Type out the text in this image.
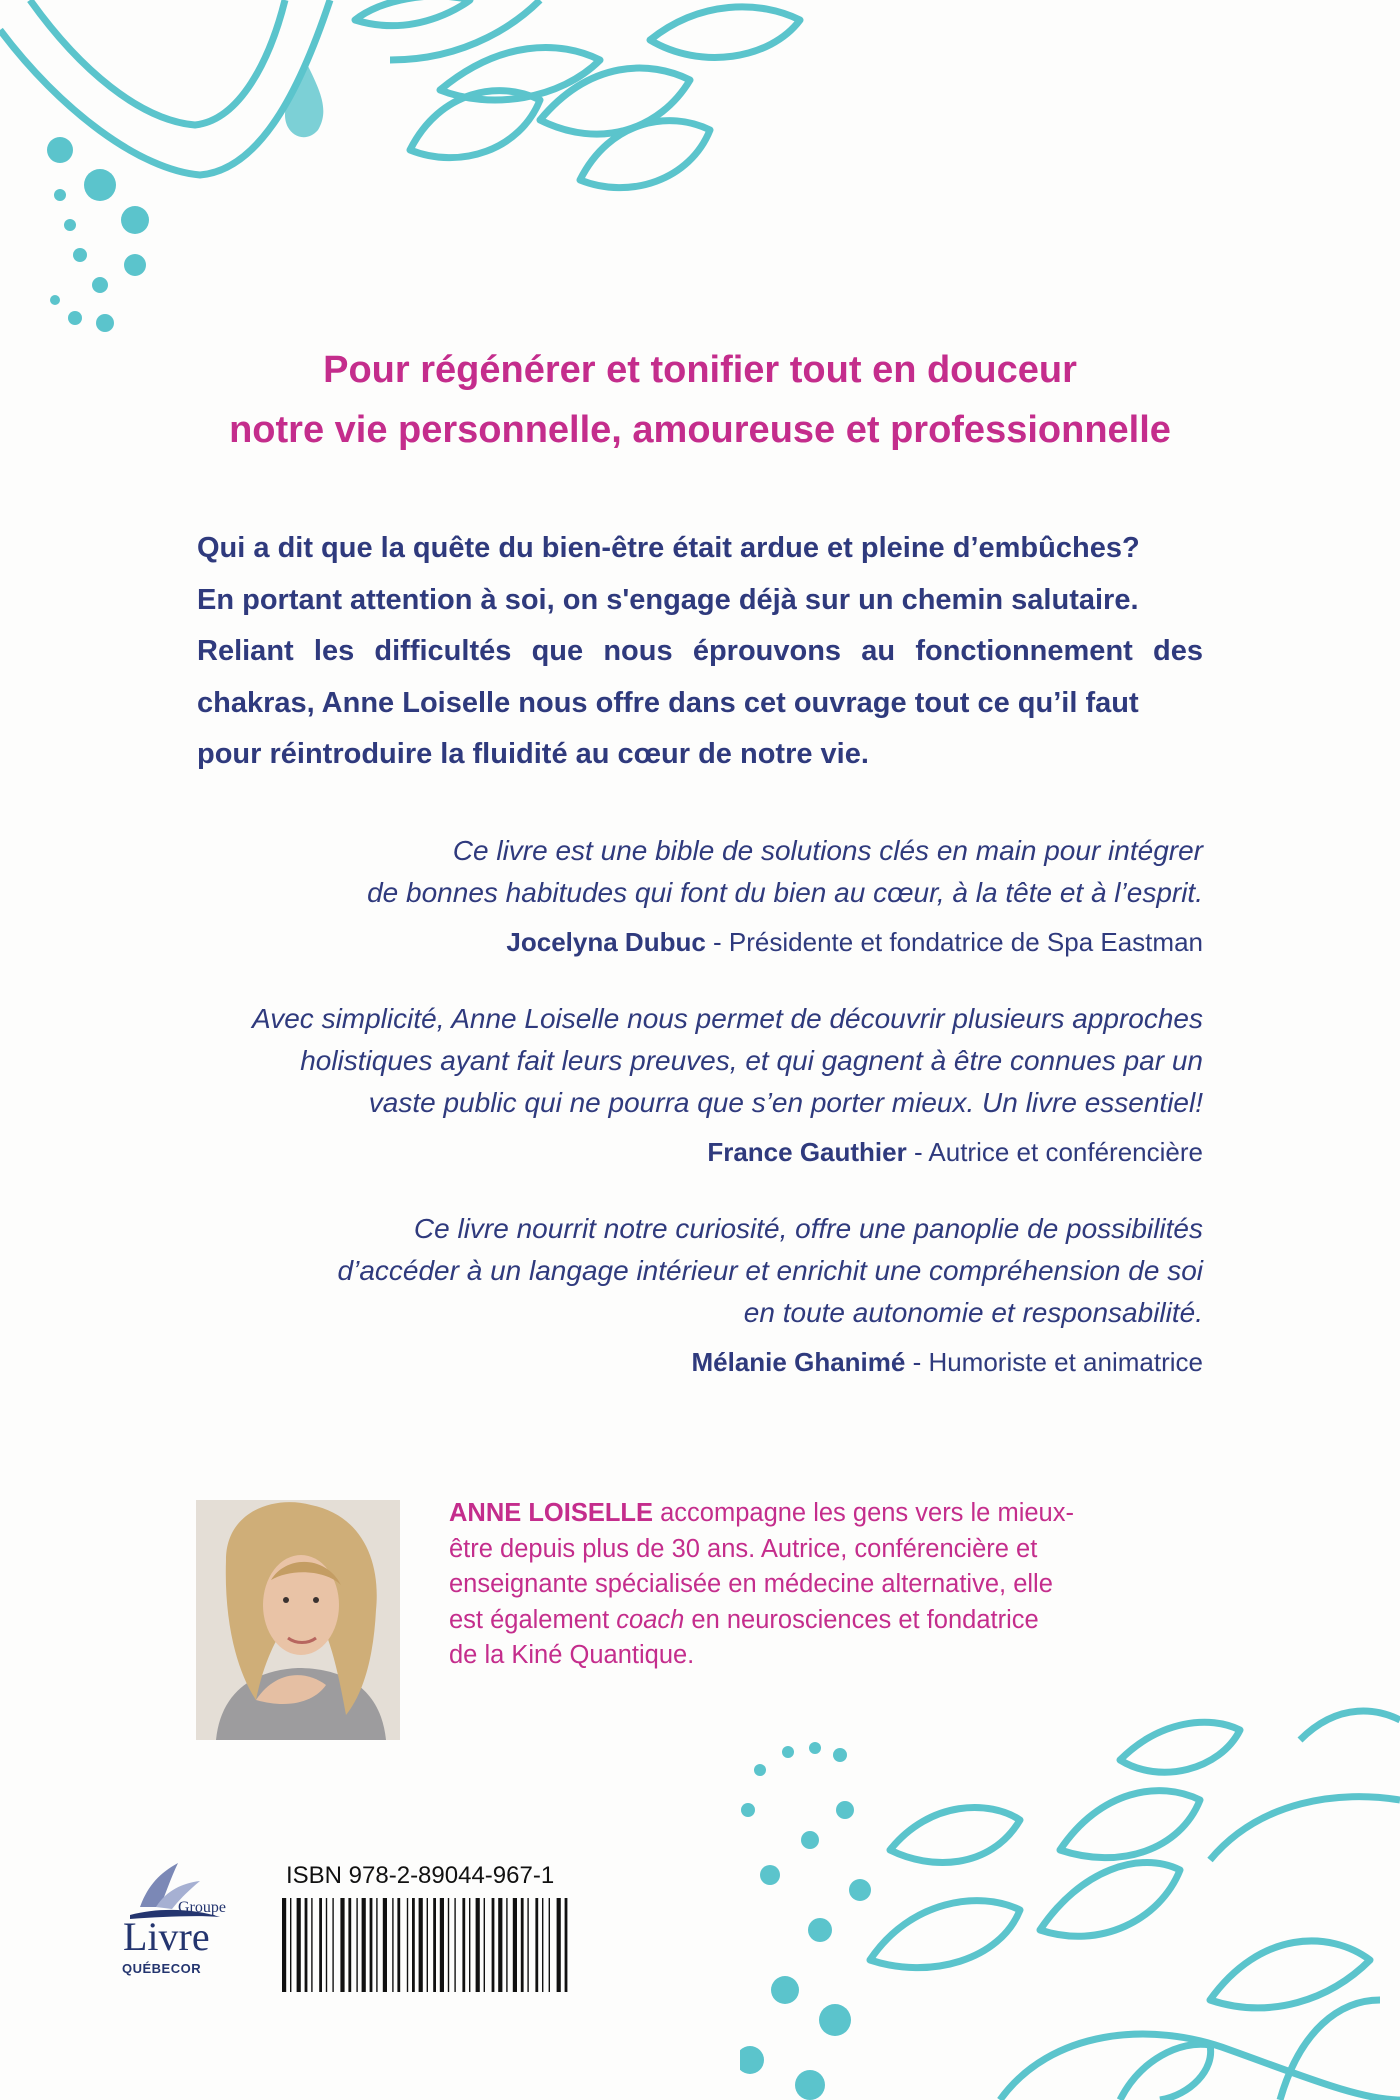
Pour régénérer et tonifier tout en douceur
notre vie personnelle, amoureuse et professionnelle
Qui a dit que la quête du bien-être était ardue et pleine d’embûches?
En portant attention à soi, on s'engage déjà sur un chemin salutaire.
Reliant les difficultés que nous éprouvons au fonctionnement des
chakras, Anne Loiselle nous offre dans cet ouvrage tout ce qu’il faut
pour réintroduire la fluidité au cœur de notre vie.
Ce livre est une bible de solutions clés en main pour intégrer
de bonnes habitudes qui font du bien au cœur, à la tête et à l’esprit.
Jocelyna Dubuc - Présidente et fondatrice de Spa Eastman
Avec simplicité, Anne Loiselle nous permet de découvrir plusieurs approches
holistiques ayant fait leurs preuves, et qui gagnent à être connues par un
vaste public qui ne pourra que s’en porter mieux. Un livre essentiel!
France Gauthier - Autrice et conférencière
Ce livre nourrit notre curiosité, offre une panoplie de possibilités
d’accéder à un langage intérieur et enrichit une compréhension de soi
en toute autonomie et responsabilité.
Mélanie Ghanimé - Humoriste et animatrice
ANNE LOISELLE accompagne les gens vers le mieux-
être depuis plus de 30 ans. Autrice, conférencière et
enseignante spécialisée en médecine alternative, elle
est également coach en neurosciences et fondatrice
de la Kiné Quantique.
Groupe
Livre
QUÉBECOR
ISBN 978-2-89044-967-1
